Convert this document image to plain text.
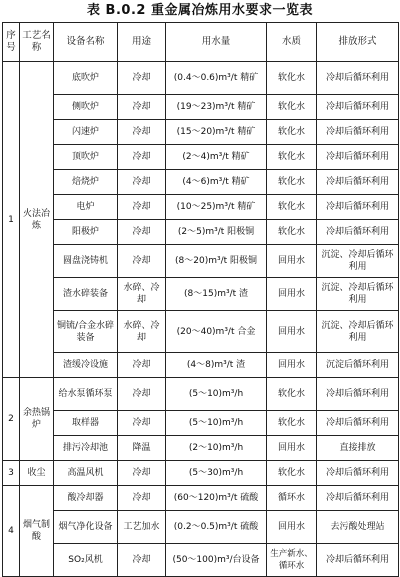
表 B.0.2 重金属冶炼用水要求一览表
序号	工艺名称	设备名称	用途	用水量	水质	排放形式
1	火法冶炼	底吹炉	冷却	(0.4～0.6)m³/t 精矿	软化水	冷却后循环利用
		侧吹炉	冷却	(19～23)m³/t 精矿	软化水	冷却后循环利用
		闪速炉	冷却	(15～20)m³/t 精矿	软化水	冷却后循环利用
		顶吹炉	冷却	(2～4)m³/t 精矿	软化水	冷却后循环利用
		焙烧炉	冷却	(4～6)m³/t 精矿	软化水	冷却后循环利用
		电炉	冷却	(10～25)m³/t 精矿	软化水	冷却后循环利用
		阳极炉	冷却	(2～5)m³/t 阳极铜	软化水	冷却后循环利用
		圆盘浇铸机	冷却	(8～20)m³/t 阳极铜	回用水	沉淀、冷却后循环利用
		渣水碎装备	水碎、冷却	(8～15)m³/t 渣	回用水	沉淀、冷却后循环利用
		铜锍/合金水碎装备	水碎、冷却	(20～40)m³/t 合金	回用水	沉淀、冷却后循环利用
		渣缓冷设施	冷却	(4～8)m³/t 渣	回用水	沉淀后循环利用
2	余热锅炉	给水泵循环泵	冷却	(5～10)m³/h	软化水	冷却后循环利用
		取样器	冷却	(5～10)m³/h	软化水	冷却后循环利用
		排污冷却池	降温	(2～10)m³/h	回用水	直接排放
3	收尘	高温风机	冷却	(5～30)m³/h	软化水	冷却后循环利用
4	烟气制酸	酸冷却器	冷却	(60～120)m³/t 硫酸	循环水	冷却后循环利用
		烟气净化设备	工艺加水	(0.2～0.5)m³/t 硫酸	回用水	去污酸处理站
		SO₂风机	冷却	(50～100)m³/台设备	生产新水、循环水	冷却后循环利用
